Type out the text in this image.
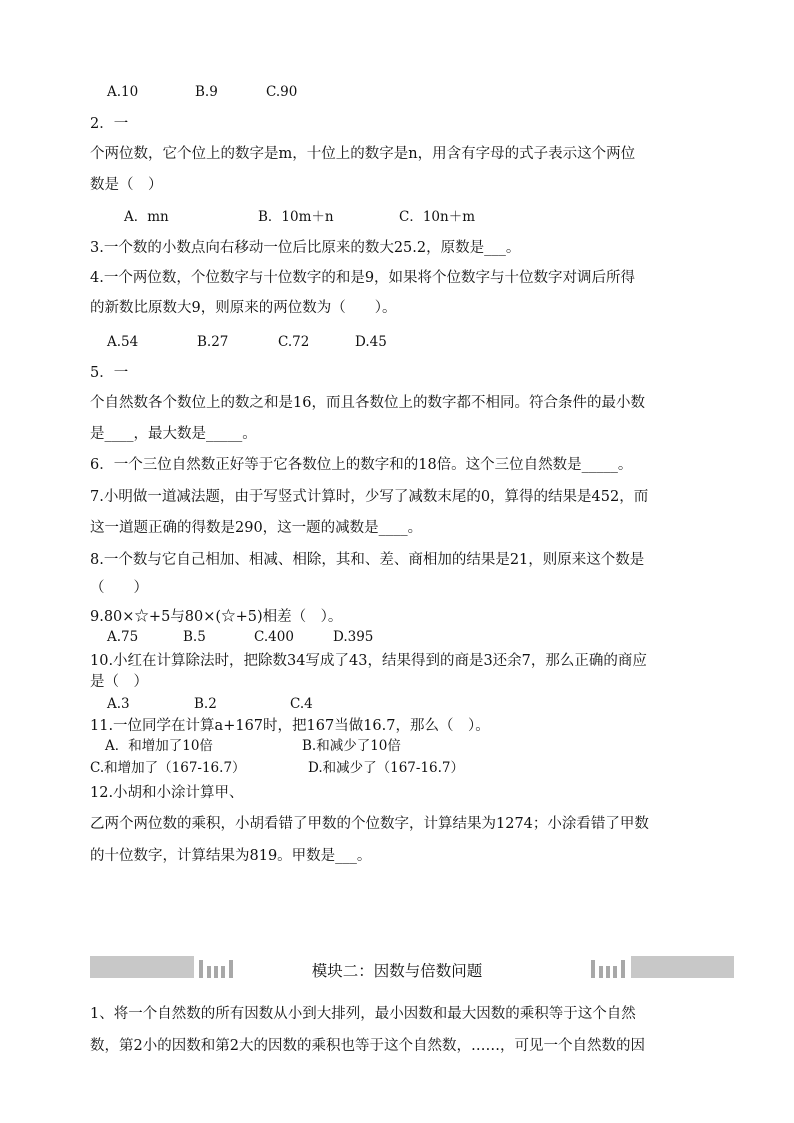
A.10	B.9	C.90
2．一
个两位数，它个位上的数字是m，十位上的数字是n，用含有字母的式子表示这个两位
数是（　）
A．mn	B．10m＋n	C．10n＋m
3.一个数的小数点向右移动一位后比原来的数大25.2，原数是___。
4.一个两位数，个位数字与十位数字的和是9，如果将个位数字与十位数字对调后所得
的新数比原数大9，则原来的两位数为（　　）。
A.54	B.27	C.72	D.45
5．一
个自然数各个数位上的数之和是16，而且各数位上的数字都不相同。符合条件的最小数
是____，最大数是_____。
6．一个三位自然数正好等于它各数位上的数字和的18倍。这个三位自然数是_____。
7.小明做一道减法题，由于写竖式计算时，少写了减数末尾的0，算得的结果是452，而
这一道题正确的得数是290，这一题的减数是____。
8.一个数与它自己相加、相减、相除，其和、差、商相加的结果是21，则原来这个数是
（　　）
9.80×☆+5与80×(☆+5)相差（　）。
A.75	B.5	C.400	D.395
10.小红在计算除法时，把除数34写成了43，结果得到的商是3还余7，那么正确的商应
是（　）
A.3	B.2	C.4
11.一位同学在计算a+167时，把167当做16.7，那么（　）。
A．和增加了10倍	B.和减少了10倍
C.和增加了（167-16.7）	D.和减少了（167-16.7）
12.小胡和小涂计算甲、
乙两个两位数的乘积，小胡看错了甲数的个位数字，计算结果为1274；小涂看错了甲数
的十位数字，计算结果为819。甲数是___。
模块二：因数与倍数问题
1、将一个自然数的所有因数从小到大排列，最小因数和最大因数的乘积等于这个自然
数，第2小的因数和第2大的因数的乘积也等于这个自然数，……，可见一个自然数的因
